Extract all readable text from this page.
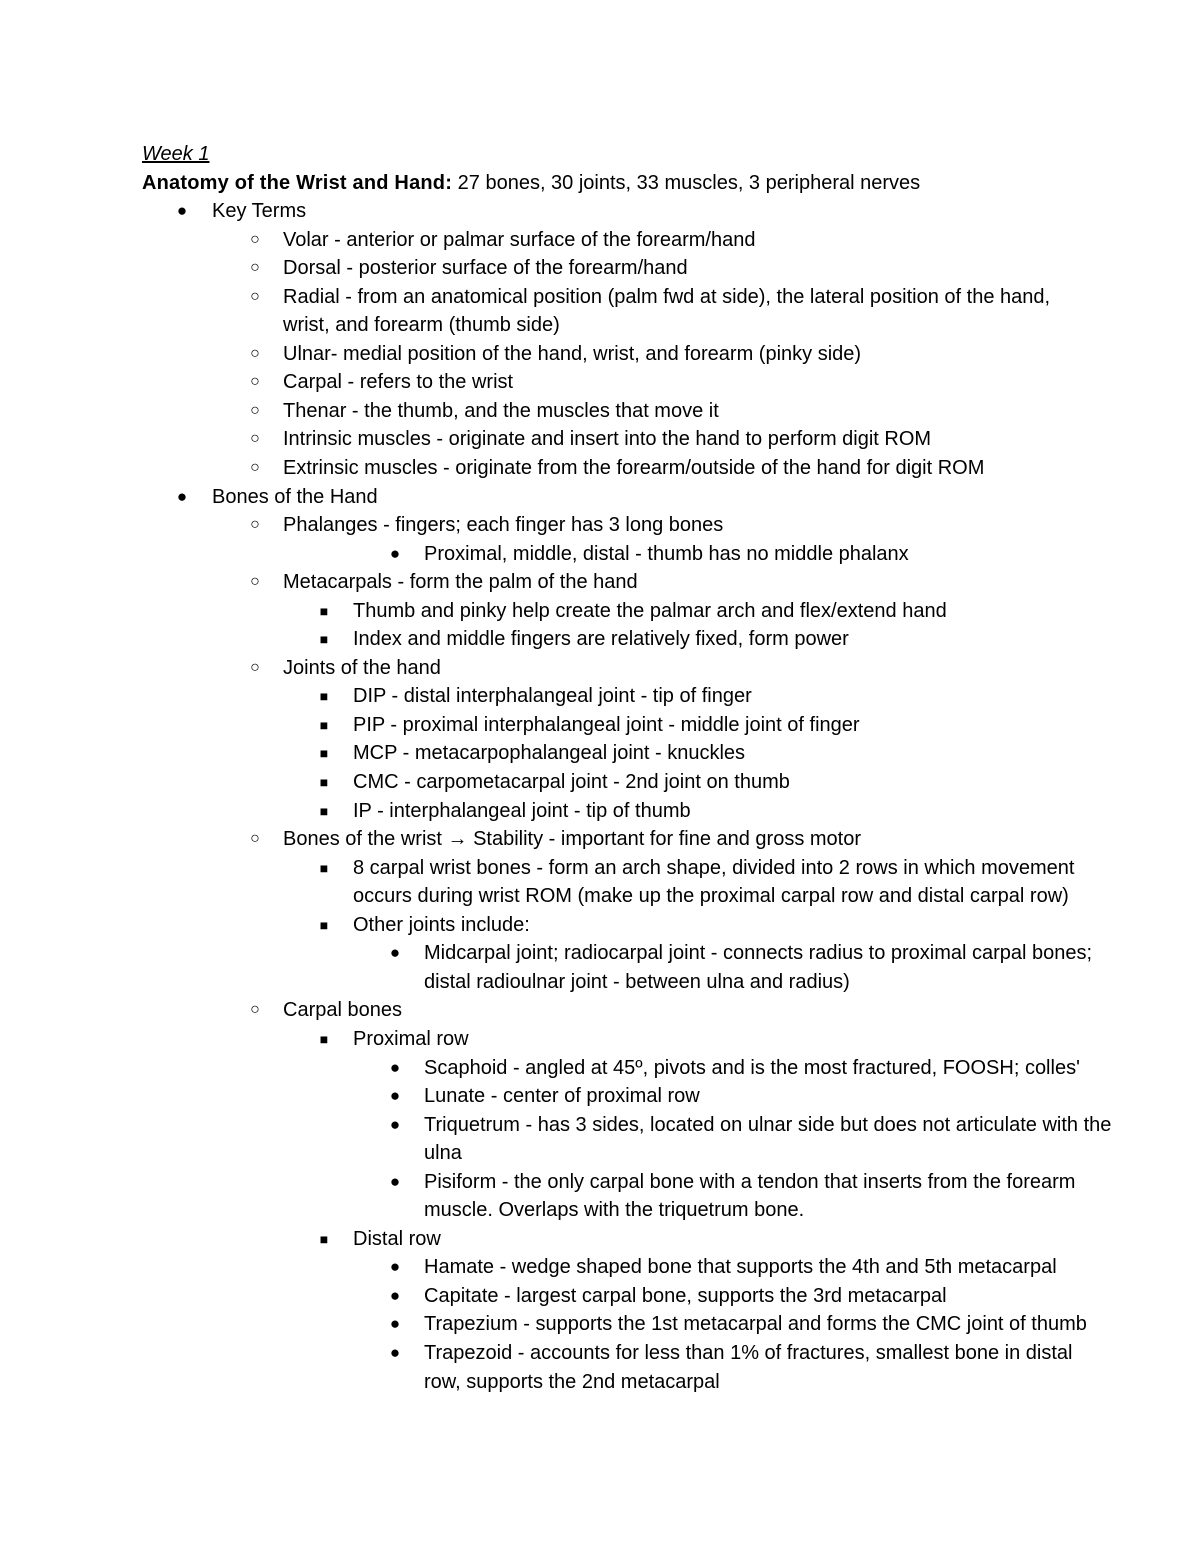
Week 1
Anatomy of the Wrist and Hand: 27 bones, 30 joints, 33 muscles, 3 peripheral nerves
● Key Terms
○ Volar - anterior or palmar surface of the forearm/hand
○ Dorsal - posterior surface of the forearm/hand
○ Radial - from an anatomical position (palm fwd at side), the lateral position of the hand,
wrist, and forearm (thumb side)
○ Ulnar- medial position of the hand, wrist, and forearm (pinky side)
○ Carpal - refers to the wrist
○ Thenar - the thumb, and the muscles that move it
○ Intrinsic muscles - originate and insert into the hand to perform digit ROM
○ Extrinsic muscles - originate from the forearm/outside of the hand for digit ROM
● Bones of the Hand
○ Phalanges - fingers; each finger has 3 long bones
● Proximal, middle, distal - thumb has no middle phalanx
○ Metacarpals - form the palm of the hand
■ Thumb and pinky help create the palmar arch and flex/extend hand
■ Index and middle fingers are relatively fixed, form power
○ Joints of the hand
■ DIP - distal interphalangeal joint - tip of finger
■ PIP - proximal interphalangeal joint - middle joint of finger
■ MCP - metacarpophalangeal joint - knuckles
■ CMC - carpometacarpal joint - 2nd joint on thumb
■ IP - interphalangeal joint - tip of thumb
○ Bones of the wrist → Stability - important for fine and gross motor
■ 8 carpal wrist bones - form an arch shape, divided into 2 rows in which movement
occurs during wrist ROM (make up the proximal carpal row and distal carpal row)
■ Other joints include:
● Midcarpal joint; radiocarpal joint - connects radius to proximal carpal bones;
distal radioulnar joint - between ulna and radius)
○ Carpal bones
■ Proximal row
● Scaphoid - angled at 45º, pivots and is the most fractured, FOOSH; colles'
● Lunate - center of proximal row
● Triquetrum - has 3 sides, located on ulnar side but does not articulate with the
ulna
● Pisiform - the only carpal bone with a tendon that inserts from the forearm
muscle. Overlaps with the triquetrum bone.
■ Distal row
● Hamate - wedge shaped bone that supports the 4th and 5th metacarpal
● Capitate - largest carpal bone, supports the 3rd metacarpal
● Trapezium - supports the 1st metacarpal and forms the CMC joint of thumb
● Trapezoid - accounts for less than 1% of fractures, smallest bone in distal
row, supports the 2nd metacarpal
